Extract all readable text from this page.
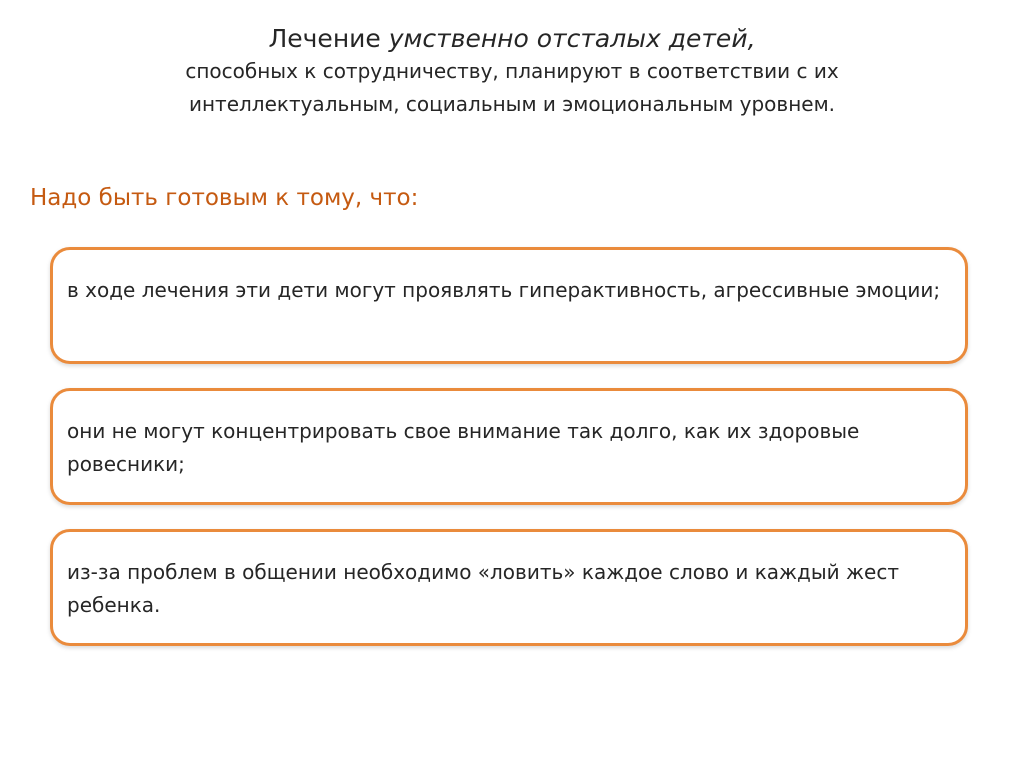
Лечение умственно отсталых детей,
способных к сотрудничеству, планируют в соответствии с их
интеллектуальным, социальным и эмоциональным уровнем.
Надо быть готовым к тому, что:
в ходе лечения эти дети могут проявлять гиперактивность, агрессивные эмоции;
они не могут концентрировать свое внимание так долго, как их здоровые ровесники;
из-за проблем в общении необходимо «ловить» каждое слово и каждый жест ребенка.
